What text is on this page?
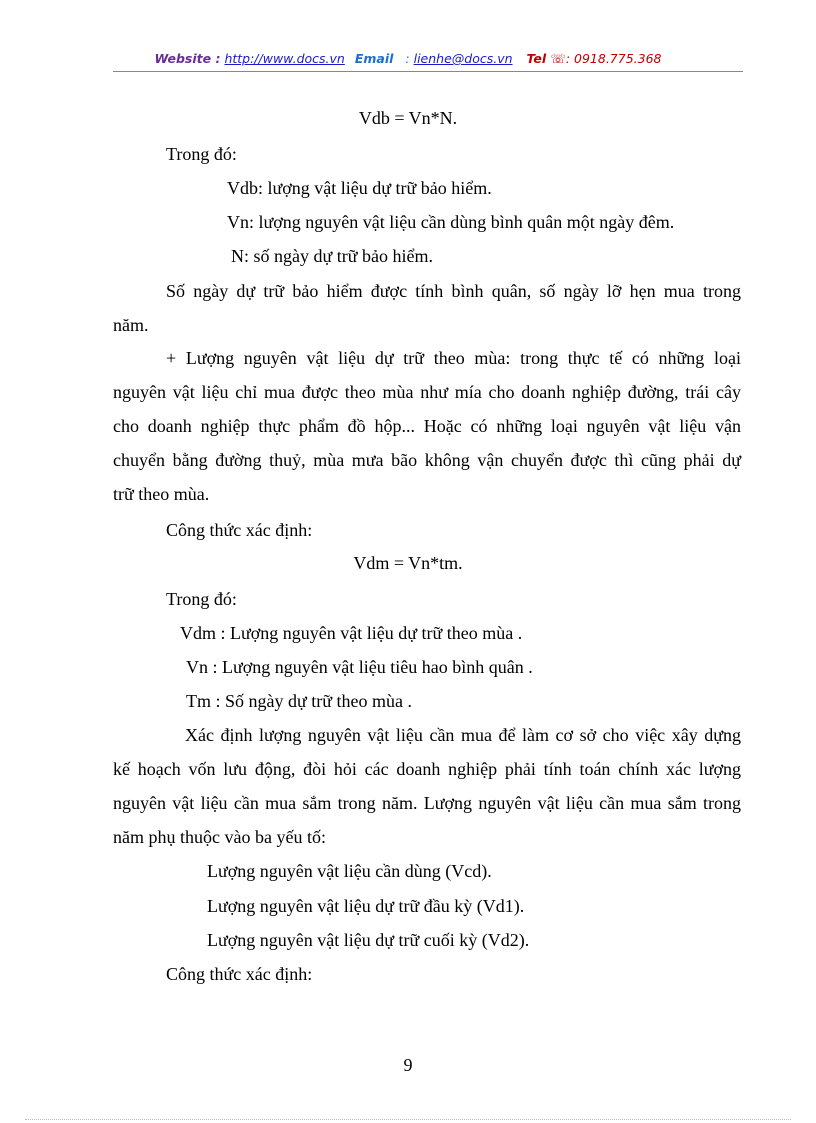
Website : http://www.docs.vn Email : lienhe@docs.vn Tel ☏: 0918.775.368
Vdb = Vn*N.
Trong đó:
Vdb: lượng vật liệu dự trữ bảo hiểm.
Vn: lượng nguyên vật liệu cần dùng bình quân một ngày đêm.
N: số ngày dự trữ bảo hiểm.
Số ngày dự trữ bảo hiểm được tính bình quân, số ngày lỡ hẹn mua trong
năm.
+ Lượng nguyên vật liệu dự trữ theo mùa: trong thực tế có những loại
nguyên vật liệu chỉ mua được theo mùa như mía cho doanh nghiệp đường, trái cây
cho doanh nghiệp thực phẩm đồ hộp... Hoặc có những loại nguyên vật liệu vận
chuyển bằng đường thuỷ, mùa mưa bão không vận chuyển được thì cũng phải dự
trữ theo mùa.
Công thức xác định:
Vdm = Vn*tm.
Trong đó:
Vdm : Lượng nguyên vật liệu dự trữ theo mùa .
Vn : Lượng nguyên vật liệu tiêu hao bình quân .
Tm : Số ngày dự trữ theo mùa .
Xác định lượng nguyên vật liệu cần mua để làm cơ sở cho việc xây dựng
kế hoạch vốn lưu động, đòi hỏi các doanh nghiệp phải tính toán chính xác lượng
nguyên vật liệu cần mua sắm trong năm. Lượng nguyên vật liệu cần mua sắm trong
năm phụ thuộc vào ba yếu tố:
Lượng nguyên vật liệu cần dùng (Vcd).
Lượng nguyên vật liệu dự trữ đầu kỳ (Vd1).
Lượng nguyên vật liệu dự trữ cuối kỳ (Vd2).
Công thức xác định:
9
